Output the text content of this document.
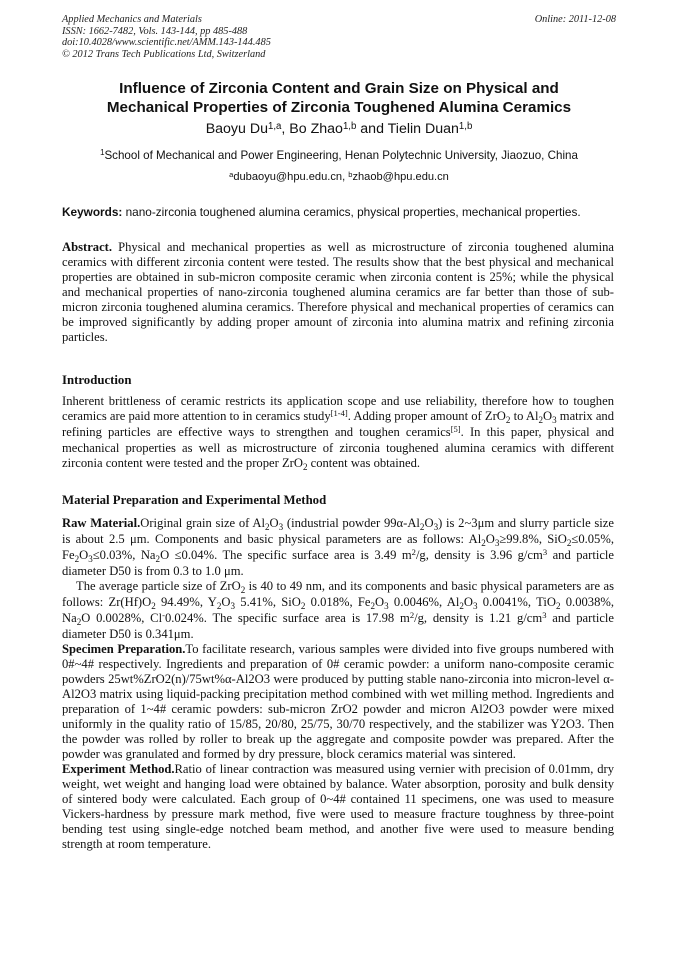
Applied Mechanics and Materials
ISSN: 1662-7482, Vols. 143-144, pp 485-488
doi:10.4028/www.scientific.net/AMM.143-144.485
© 2012 Trans Tech Publications Ltd, Switzerland
Online: 2011-12-08
Influence of Zirconia Content and Grain Size on Physical and
Mechanical Properties of Zirconia Toughened Alumina Ceramics
Baoyu Du$^{1,a}$, Bo Zhao$^{1,b}$ and Tielin Duan$^{1,b}$
$^1$School of Mechanical and Power Engineering, Henan Polytechnic University, Jiaozuo, China
$^a$dubaoyu@hpu.edu.cn, $^b$zhaob@hpu.edu.cn
Keywords: nano-zirconia toughened alumina ceramics, physical properties, mechanical properties.

Abstract. Physical and mechanical properties as well as microstructure of zirconia toughened alumina ceramics with different zirconia content were tested. The results show that the best physical and mechanical properties are obtained in sub-micron composite ceramic when zirconia content is 25%; while the physical and mechanical properties of nano-zirconia toughened alumina ceramics are far better than those of sub-micron zirconia toughened alumina ceramics. Therefore physical and mechanical properties of ceramics can be improved significantly by adding proper amount of zirconia into alumina matrix and refining zirconia particles.

Introduction

Inherent brittleness of ceramic restricts its application scope and use reliability, therefore how to toughen ceramics are paid more attention to in ceramics study[1-4]. Adding proper amount of ZrO$_2$ to $Al_2O_3$ matrix and refining particles are effective ways to strengthen and toughen ceramics[5]. In this paper, physical and mechanical properties as well as microstructure of zirconia toughened alumina ceramics with different zirconia content were tested and the proper ZrO$_2$ content was obtained.

Material Preparation and Experimental Method

Raw Material.Original grain size of $Al_2O_3$ (industrial powder $99\alpha-Al_2O_3$) is 2~3μm and slurry particle size is about 2.5 μm. Components and basic physical parameters are as follows: $Al_2O_3\ge 99.8\%$, SiO$_2$≤0.05%, $Fe_2O_3\le 0.03\%$, $Na_2O \le 0.04\%$. The specific surface area is 3.49 $m^2/g$, density is 3.96 $g/cm^3$ and particle diameter D50 is from 0.3 to 1.0 μm.

The average particle size of ZrO$_2$ is 40 to 49 nm, and its components and basic physical parameters are as follows: $Zr(Hf)O_2$ 94.49%, $Y_2O_3$ 5.41%, SiO$_2$ 0.018%, $Fe_2O_3$ 0.0046%, $Al_2O_3$ 0.0041%, TiO$_2$ 0.0038%, $Na_2O$ 0.0028%, Cl-0.024%. The specific surface area is 17.98 $m^2/g$, density is 1.21 $g/cm^3$ and particle diameter D50 is 0.341μm.

Specimen Preparation.To facilitate research, various samples were divided into five groups numbered with 0#~4# respectively. Ingredients and preparation of 0# ceramic powder: a uniform nano-composite ceramic powders 25wt%ZrO2(n)/75wt%α-Al2O3 were produced by putting stable nano-zirconia into micron-level α-Al2O3 matrix using liquid-packing precipitation method combined with wet milling method. Ingredients and preparation of 1~4# ceramic powders: sub-micron ZrO2 powder and micron Al2O3 powder were mixed uniformly in the quality ratio of 15/85, 20/80, 25/75, 30/70 respectively, and the stabilizer was Y2O3. Then the powder was rolled by roller to break up the aggregate and composite powder was prepared. After the powder was granulated and formed by dry pressure, block ceramics material was sintered.

Experiment Method.Ratio of linear contraction was measured using vernier with precision of 0.01mm, dry weight, wet weight and hanging load were obtained by balance. Water absorption, porosity and bulk density of sintered body were calculated. Each group of 0~4# contained 11 specimens, one was used to measure Vickers-hardness by pressure mark method, five were used to measure fracture toughness by three-point bending test using single-edge notched beam method, and another five were used to measure bending strength at room temperature.
